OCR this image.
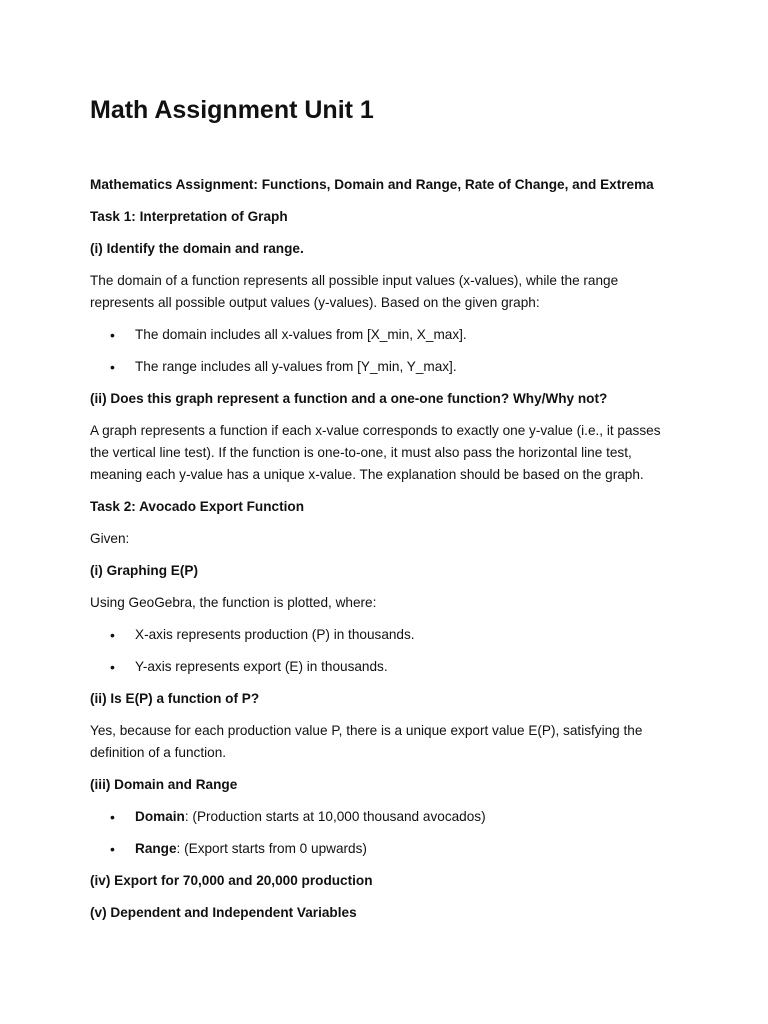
Math Assignment Unit 1
Mathematics Assignment: Functions, Domain and Range, Rate of Change, and Extrema
Task 1: Interpretation of Graph
(i) Identify the domain and range.

The domain of a function represents all possible input values (x-values), while the range represents all possible output values (y-values). Based on the given graph:

• The domain includes all x-values from [X_min, X_max].
• The range includes all y-values from [Y_min, Y_max].
(ii) Does this graph represent a function and a one-one function? Why/Why not?

A graph represents a function if each x-value corresponds to exactly one y-value (i.e., it passes the vertical line test). If the function is one-to-one, it must also pass the horizontal line test, meaning each y-value has a unique x-value. The explanation should be based on the graph.

Task 2: Avocado Export Function
Given:
(i) Graphing E(P)
Using GeoGebra, the function is plotted, where:
• X-axis represents production (P) in thousands.
• Y-axis represents export (E) in thousands.
(ii) Is E(P) a function of P?

Yes, because for each production value P, there is a unique export value E(P), satisfying the definition of a function.

(iii) Domain and Range
• Domain: (Production starts at 10,000 thousand avocados)
• Range: (Export starts from 0 upwards)
(iv) Export for 70,000 and 20,000 production
(v) Dependent and Independent Variables
